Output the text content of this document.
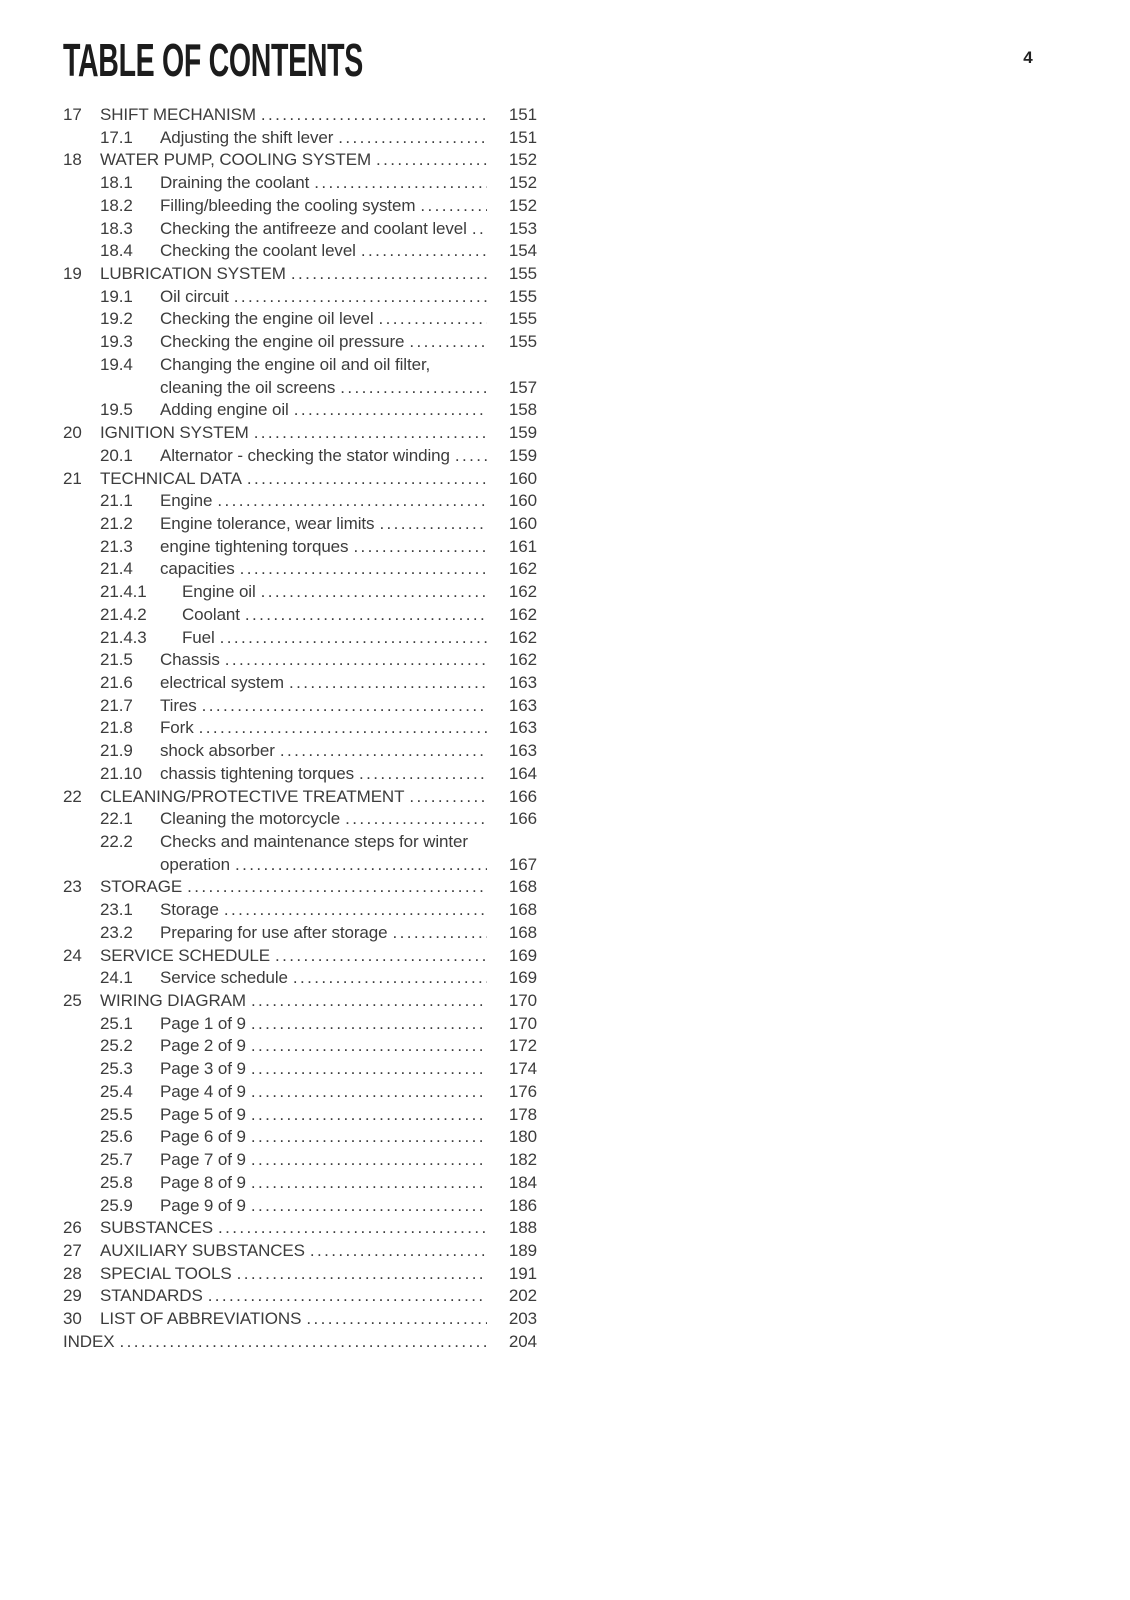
TABLE OF CONTENTS	4
17	SHIFT MECHANISM .....	151
17.1	Adjusting the shift lever .....	151
18	WATER PUMP, COOLING SYSTEM .....	152
18.1	Draining the coolant .....	152
18.2	Filling/bleeding the cooling system .....	152
18.3	Checking the antifreeze and coolant level .....	153
18.4	Checking the coolant level .....	154
19	LUBRICATION SYSTEM .....	155
19.1	Oil circuit .....	155
19.2	Checking the engine oil level .....	155
19.3	Checking the engine oil pressure .....	155
19.4	Changing the engine oil and oil filter,
cleaning the oil screens .....	157
19.5	Adding engine oil .....	158
20	IGNITION SYSTEM .....	159
20.1	Alternator - checking the stator winding .....	159
21	TECHNICAL DATA .....	160
21.1	Engine .....	160
21.2	Engine tolerance, wear limits .....	160
21.3	engine tightening torques .....	161
21.4	capacities .....	162
21.4.1	Engine oil .....	162
21.4.2	Coolant .....	162
21.4.3	Fuel .....	162
21.5	Chassis .....	162
21.6	electrical system .....	163
21.7	Tires .....	163
21.8	Fork .....	163
21.9	shock absorber .....	163
21.10	chassis tightening torques .....	164
22	CLEANING/PROTECTIVE TREATMENT .....	166
22.1	Cleaning the motorcycle .....	166
22.2	Checks and maintenance steps for winter
operation .....	167
23	STORAGE .....	168
23.1	Storage .....	168
23.2	Preparing for use after storage .....	168
24	SERVICE SCHEDULE .....	169
24.1	Service schedule .....	169
25	WIRING DIAGRAM .....	170
25.1	Page 1 of 9 .....	170
25.2	Page 2 of 9 .....	172
25.3	Page 3 of 9 .....	174
25.4	Page 4 of 9 .....	176
25.5	Page 5 of 9 .....	178
25.6	Page 6 of 9 .....	180
25.7	Page 7 of 9 .....	182
25.8	Page 8 of 9 .....	184
25.9	Page 9 of 9 .....	186
26	SUBSTANCES .....	188
27	AUXILIARY SUBSTANCES .....	189
28	SPECIAL TOOLS .....	191
29	STANDARDS .....	202
30	LIST OF ABBREVIATIONS .....	203
INDEX .....	204
